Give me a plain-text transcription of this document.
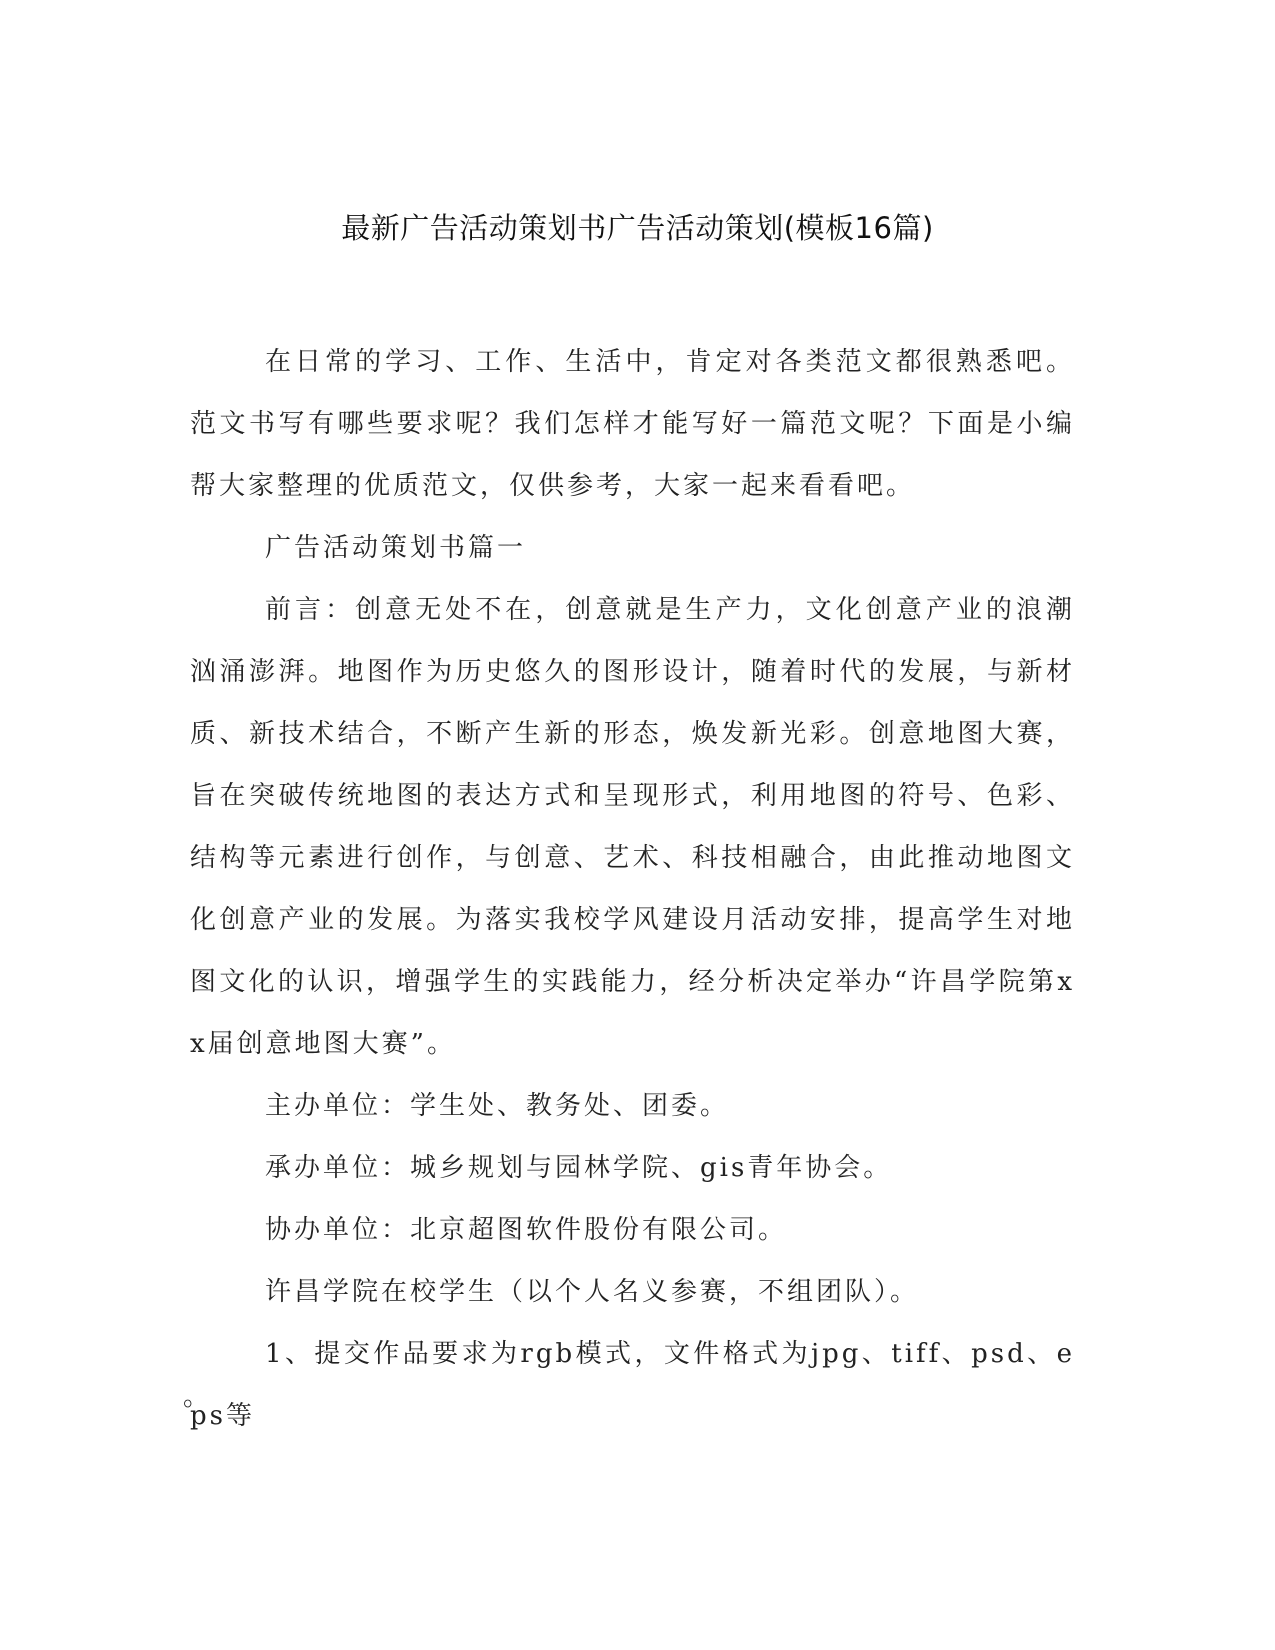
最新广告活动策划书广告活动策划(模板16篇)

在日常的学习、工作、生活中，肯定对各类范文都很熟悉吧。范文书写有哪些要求呢？我们怎样才能写好一篇范文呢？下面是小编帮大家整理的优质范文，仅供参考，大家一起来看看吧。

广告活动策划书篇一

前言：创意无处不在，创意就是生产力，文化创意产业的浪潮汹涌澎湃。地图作为历史悠久的图形设计，随着时代的发展，与新材质、新技术结合，不断产生新的形态，焕发新光彩。创意地图大赛，旨在突破传统地图的表达方式和呈现形式，利用地图的符号、色彩、结构等元素进行创作，与创意、艺术、科技相融合，由此推动地图文化创意产业的发展。为落实我校学风建设月活动安排，提高学生对地图文化的认识，增强学生的实践能力，经分析决定举办“许昌学院第xx届创意地图大赛”。

主办单位：学生处、教务处、团委。

承办单位：城乡规划与园林学院、gis青年协会。

协办单位：北京超图软件股份有限公司。

许昌学院在校学生（以个人名义参赛，不组团队）。

1、提交作品要求为rgb模式，文件格式为jpg、tiff、psd、eps等

。
